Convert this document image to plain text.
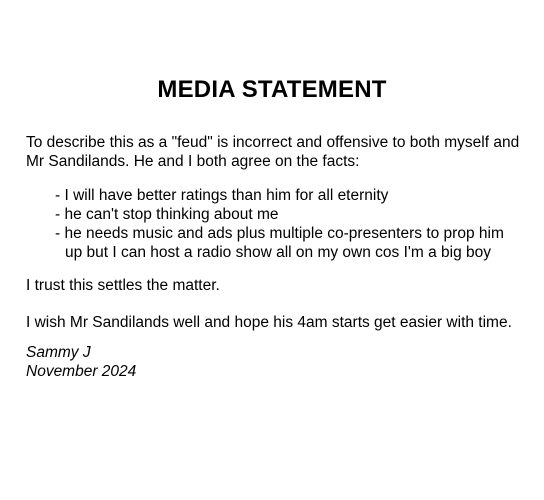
MEDIA STATEMENT

To describe this as a "feud" is incorrect and offensive to both myself and Mr Sandilands. He and I both agree on the facts:

- I will have better ratings than him for all eternity
- he can't stop thinking about me
- he needs music and ads plus multiple co-presenters to prop him up but I can host a radio show all on my own cos I'm a big boy

I trust this settles the matter.

I wish Mr Sandilands well and hope his 4am starts get easier with time.

Sammy J
November 2024
